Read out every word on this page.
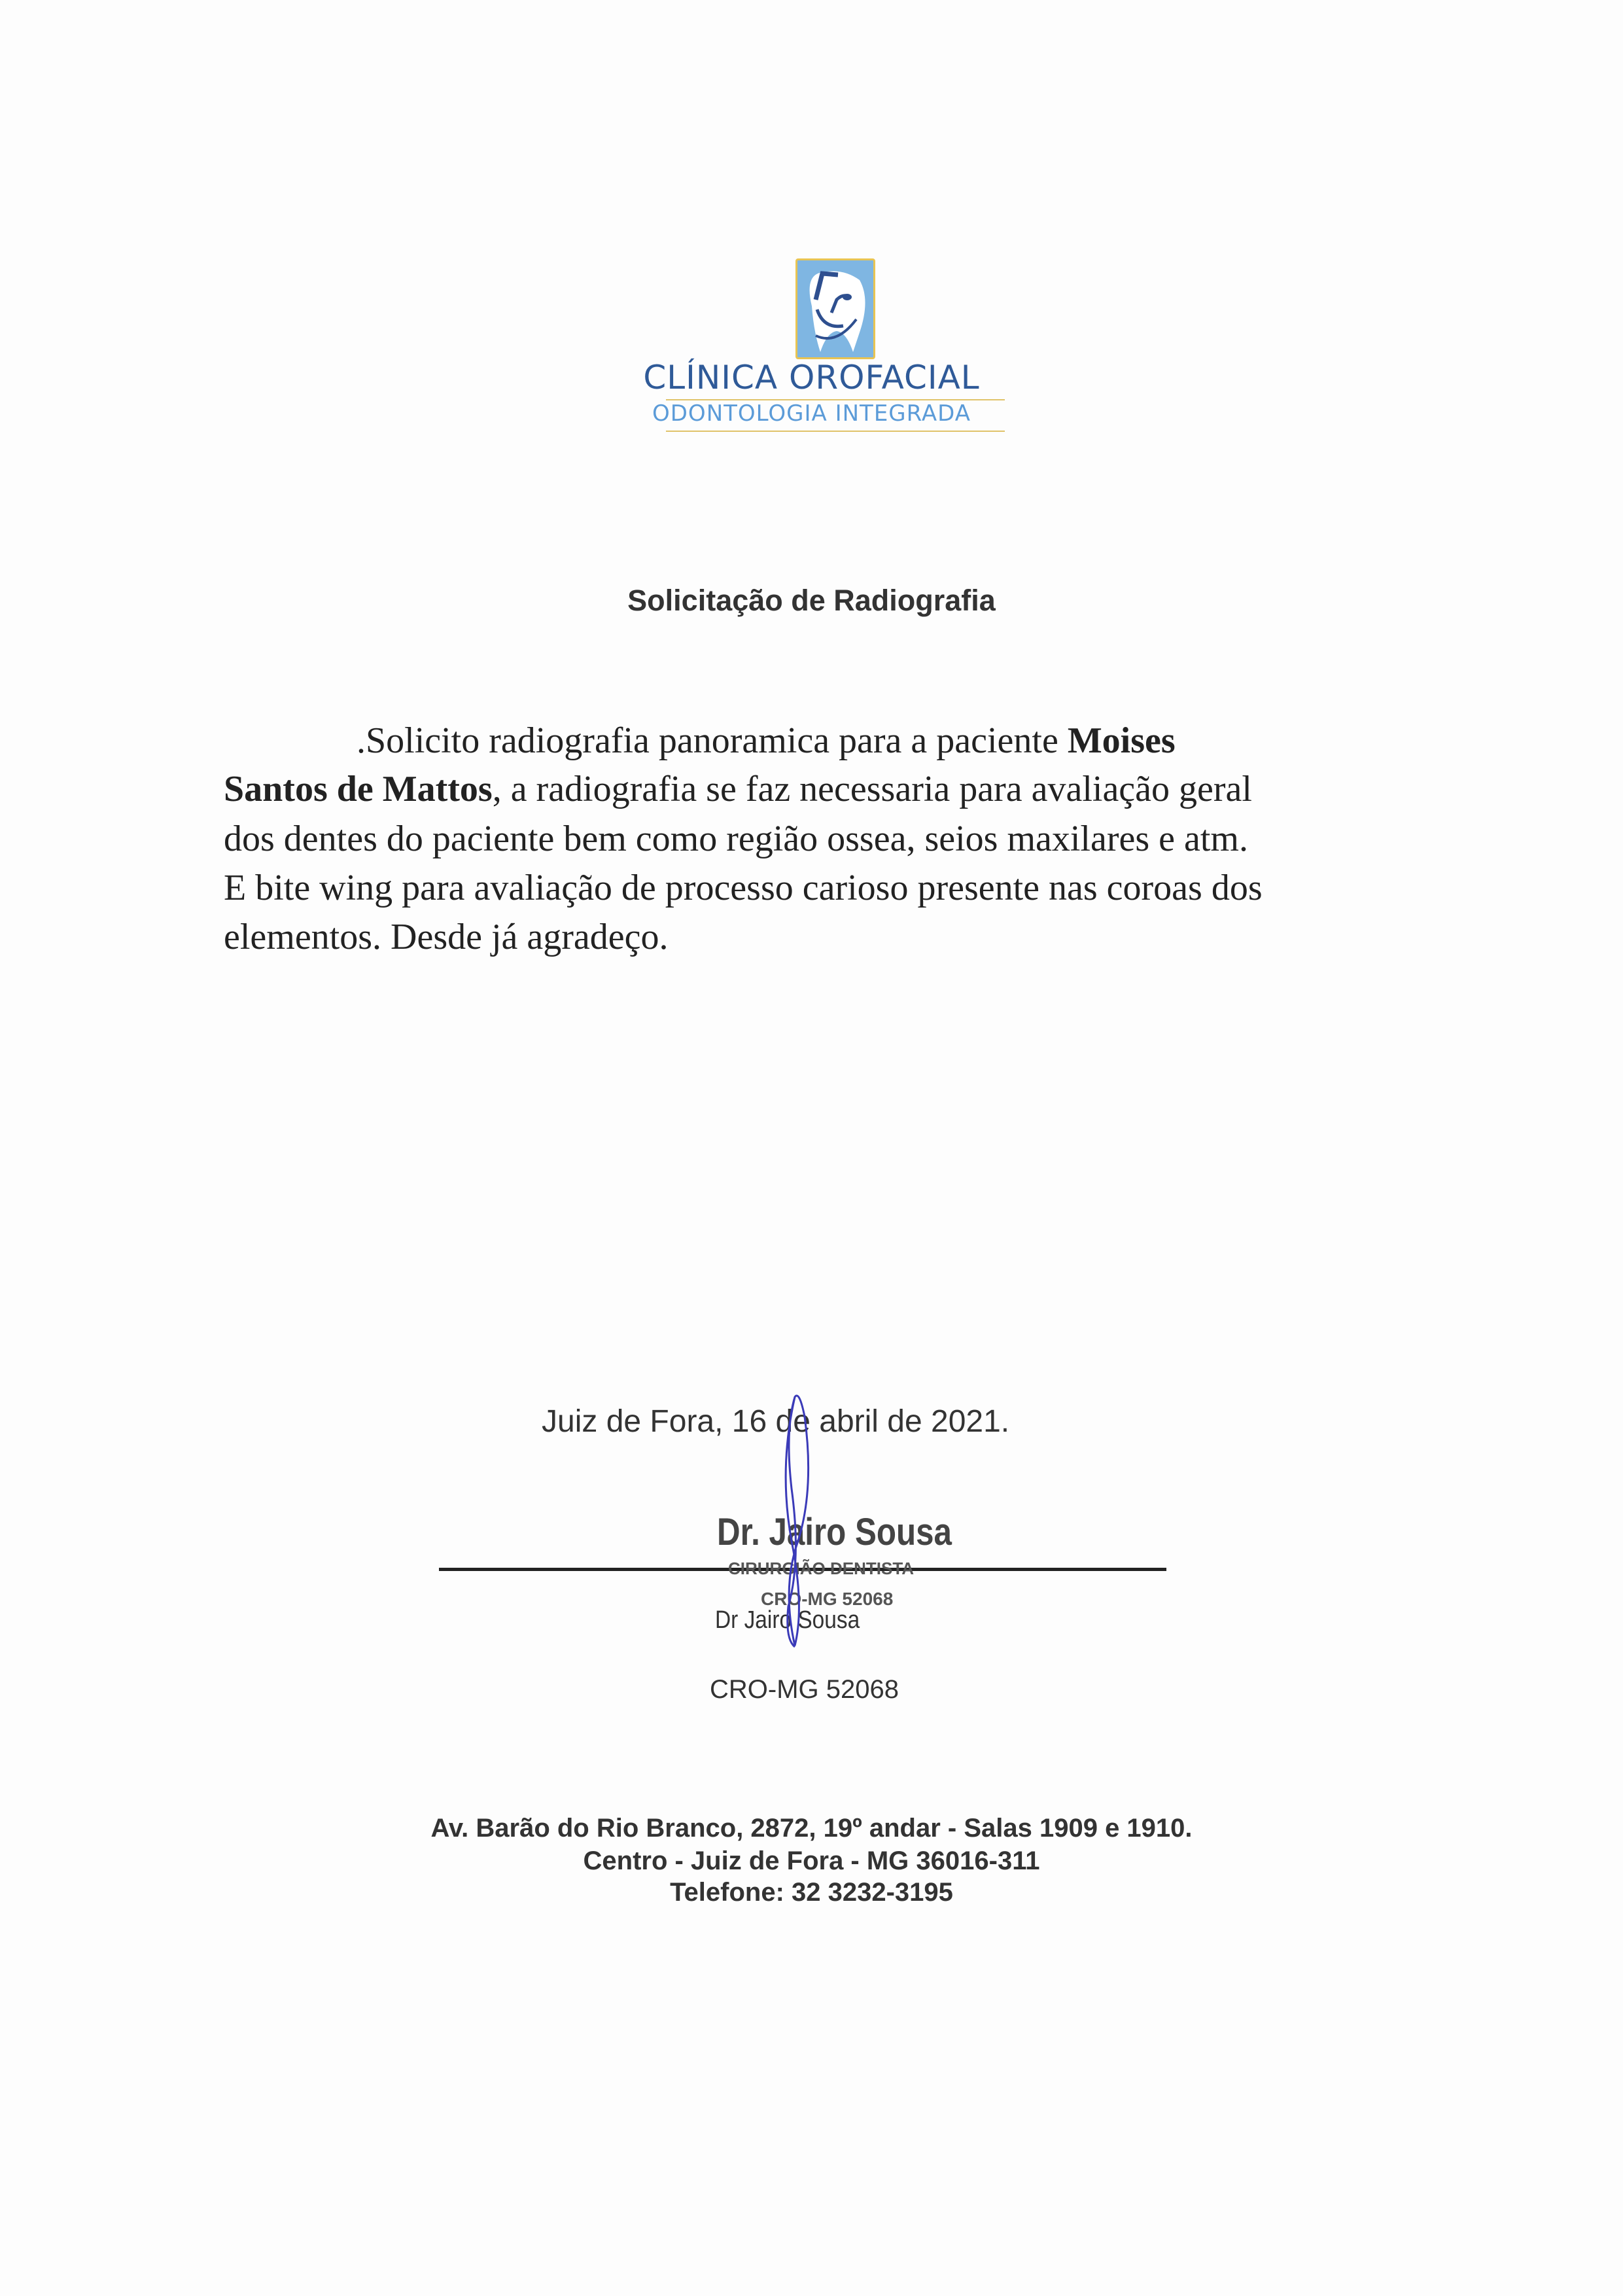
CLÍNICA OROFACIAL
ODONTOLOGIA INTEGRADA
Solicitação de Radiografia
.Solicito radiografia panoramica para a paciente Moises
Santos de Mattos, a radiografia se faz necessaria para avaliação geral
dos dentes do paciente bem como região ossea, seios maxilares e atm.
E bite wing para avaliação de processo carioso presente nas coroas dos
elementos. Desde já agradeço.
Juiz de Fora, 16 de abril de 2021.
Dr. Jairo Sousa
CIRURGIÃO DENTISTA
CRO-MG 52068
Dr Jairo Sousa
CRO-MG 52068
Av. Barão do Rio Branco, 2872, 19º andar - Salas 1909 e 1910.
Centro - Juiz de Fora - MG 36016-311
Telefone: 32 3232-3195
